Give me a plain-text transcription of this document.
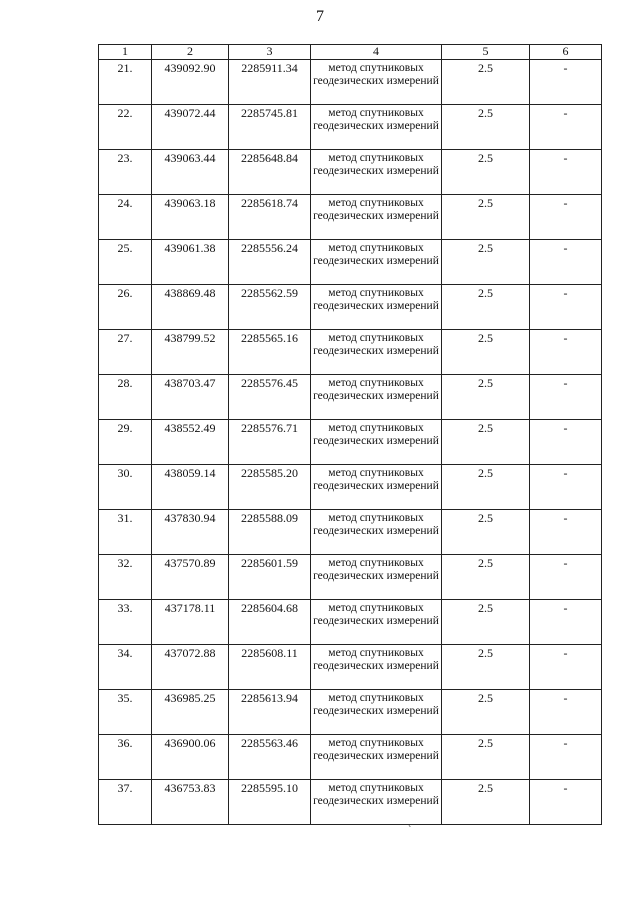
7
1	2	3	4	5	6
21.	439092.90	2285911.34	метод спутниковых геодезических измерений	2.5	-
22.	439072.44	2285745.81	метод спутниковых геодезических измерений	2.5	-
23.	439063.44	2285648.84	метод спутниковых геодезических измерений	2.5	-
24.	439063.18	2285618.74	метод спутниковых геодезических измерений	2.5	-
25.	439061.38	2285556.24	метод спутниковых геодезических измерений	2.5	-
26.	438869.48	2285562.59	метод спутниковых геодезических измерений	2.5	-
27.	438799.52	2285565.16	метод спутниковых геодезических измерений	2.5	-
28.	438703.47	2285576.45	метод спутниковых геодезических измерений	2.5	-
29.	438552.49	2285576.71	метод спутниковых геодезических измерений	2.5	-
30.	438059.14	2285585.20	метод спутниковых геодезических измерений	2.5	-
31.	437830.94	2285588.09	метод спутниковых геодезических измерений	2.5	-
32.	437570.89	2285601.59	метод спутниковых геодезических измерений	2.5	-
33.	437178.11	2285604.68	метод спутниковых геодезических измерений	2.5	-
34.	437072.88	2285608.11	метод спутниковых геодезических измерений	2.5	-
35.	436985.25	2285613.94	метод спутниковых геодезических измерений	2.5	-
36.	436900.06	2285563.46	метод спутниковых геодезических измерений	2.5	-
37.	436753.83	2285595.10	метод спутниковых геодезических измерений	2.5	-
`
